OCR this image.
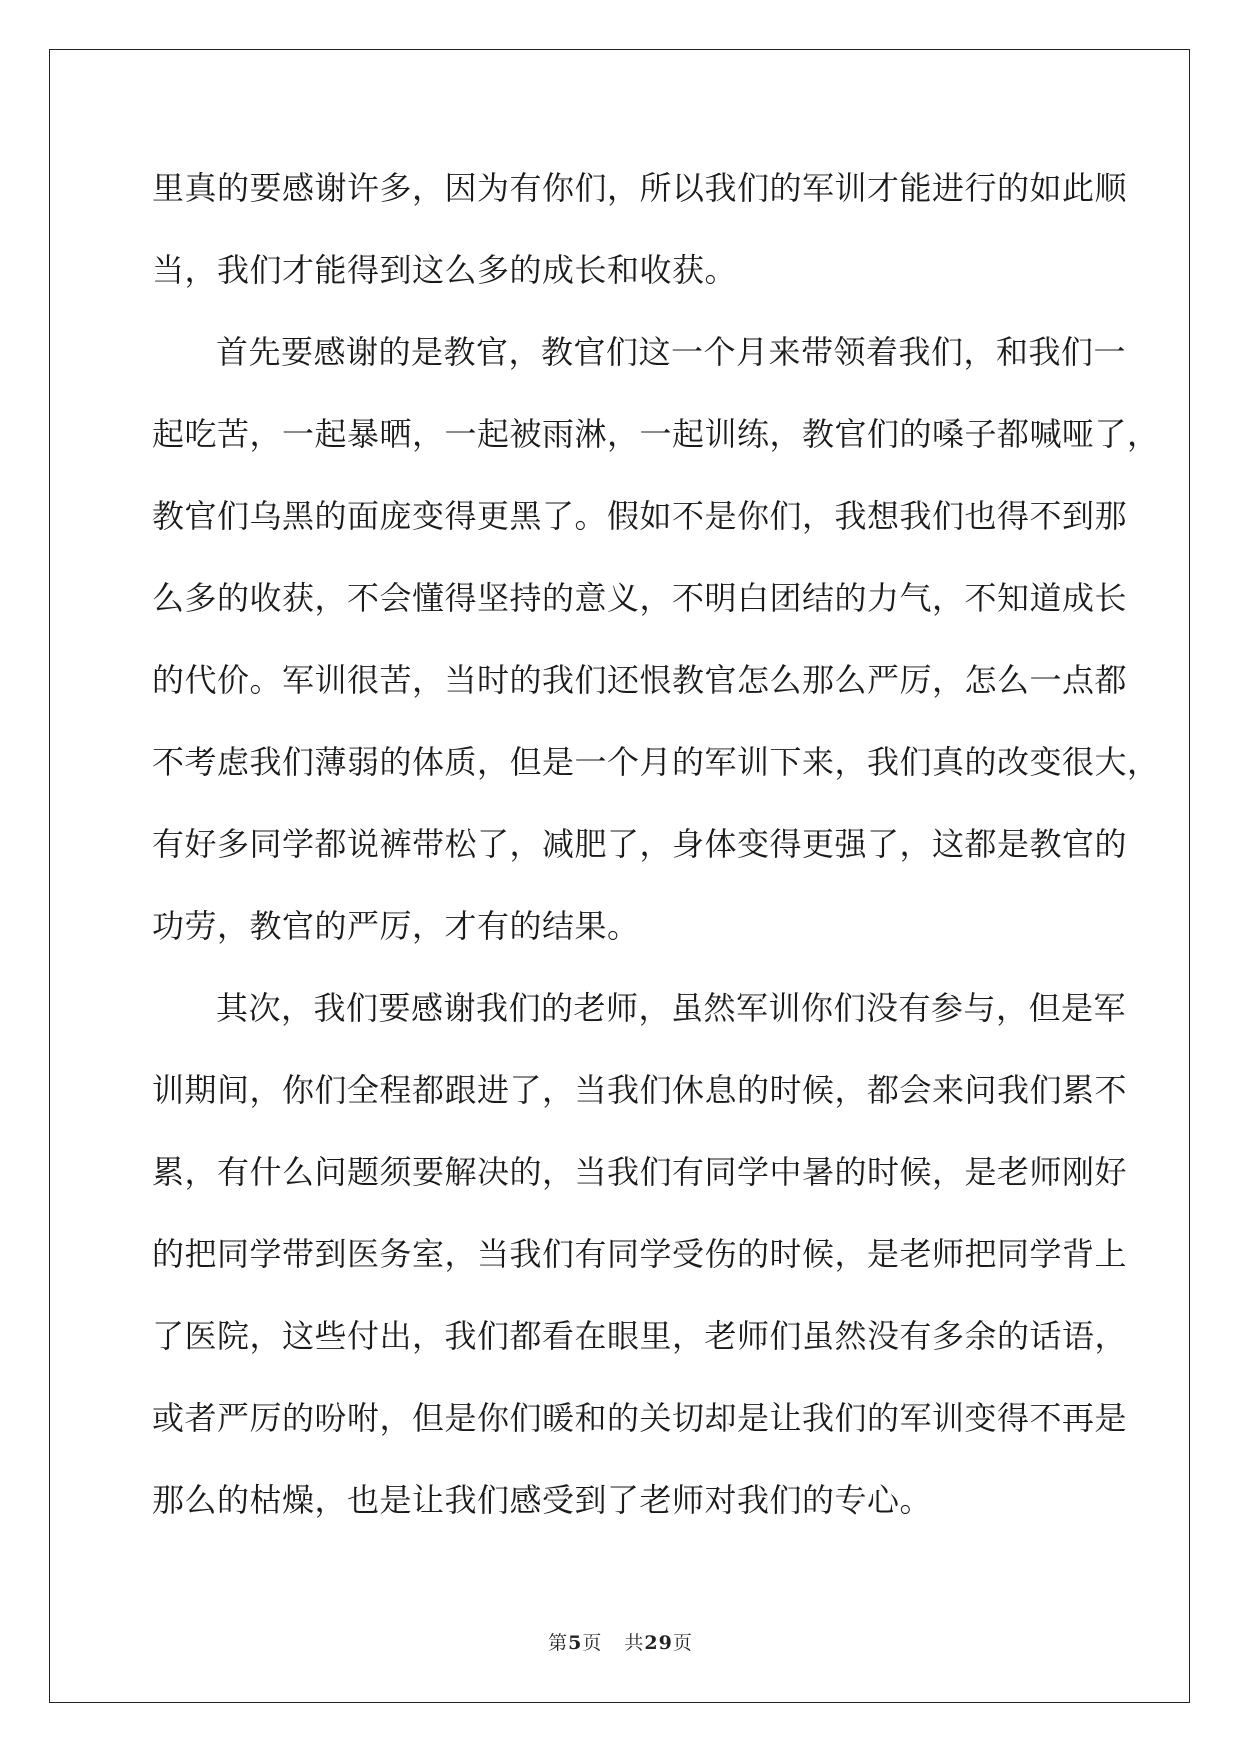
里真的要感谢许多，因为有你们，所以我们的军训才能进行的如此顺
当，我们才能得到这么多的成长和收获。
首先要感谢的是教官，教官们这一个月来带领着我们，和我们一
起吃苦，一起暴晒，一起被雨淋，一起训练，教官们的嗓子都喊哑了，
教官们乌黑的面庞变得更黑了。假如不是你们，我想我们也得不到那
么多的收获，不会懂得坚持的意义，不明白团结的力气，不知道成长
的代价。军训很苦，当时的我们还恨教官怎么那么严厉，怎么一点都
不考虑我们薄弱的体质，但是一个月的军训下来，我们真的改变很大，
有好多同学都说裤带松了，减肥了，身体变得更强了，这都是教官的
功劳，教官的严厉，才有的结果。
其次，我们要感谢我们的老师，虽然军训你们没有参与，但是军
训期间，你们全程都跟进了，当我们休息的时候，都会来问我们累不
累，有什么问题须要解决的，当我们有同学中暑的时候，是老师刚好
的把同学带到医务室，当我们有同学受伤的时候，是老师把同学背上
了医院，这些付出，我们都看在眼里，老师们虽然没有多余的话语，
或者严厉的吩咐，但是你们暖和的关切却是让我们的军训变得不再是
那么的枯燥，也是让我们感受到了老师对我们的专心。
第5页 共29页
